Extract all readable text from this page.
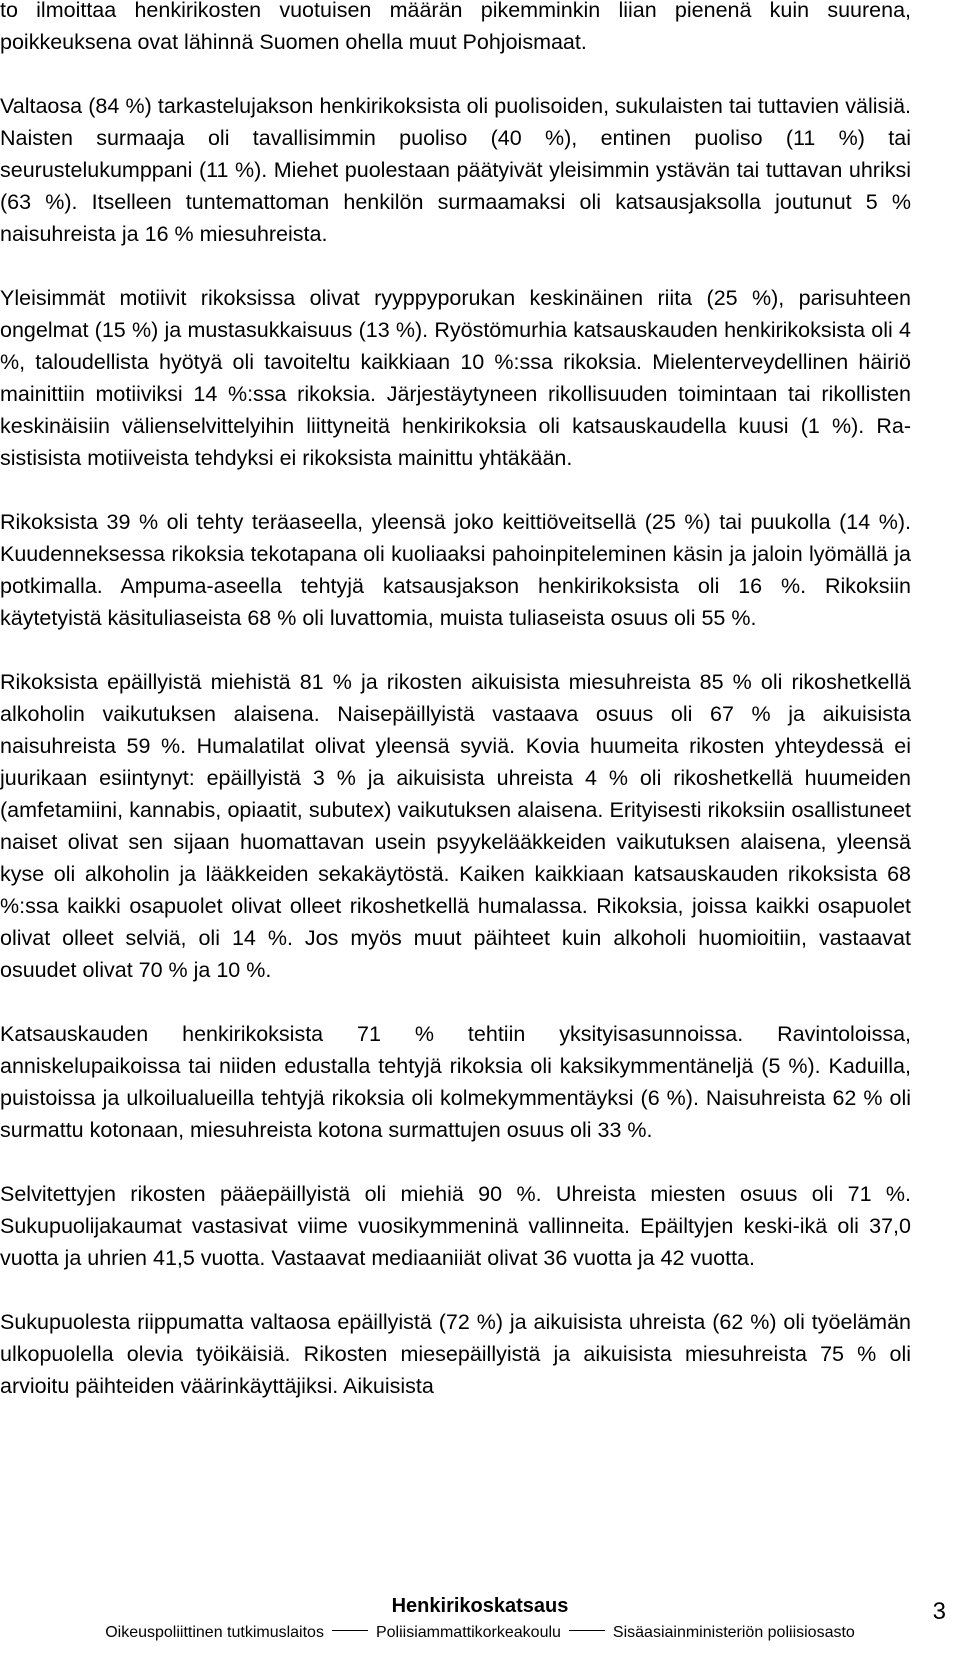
to ilmoittaa henkirikosten vuotuisen määrän pikemminkin liian pienenä kuin suurena, poikkeuksena ovat lähinnä Suomen ohella muut Pohjoismaat.

Valtaosa (84 %) tarkastelujakson henkirikoksista oli puolisoiden, sukulaisten tai tuttavien välisiä. Naisten surmaaja oli tavallisimmin puoliso (40 %), entinen puoliso (11 %) tai seurustelukumppani (11 %). Miehet puolestaan päätyivät yleisimmin ystävän tai tuttavan uhriksi (63 %). Itselleen tuntemattoman henkilön surmaamaksi oli katsausjaksolla joutunut 5 % naisuhreista ja 16 % miesuhreista.

Yleisimmät motiivit rikoksissa olivat ryyppyporukan keskinäinen riita (25 %), parisuhteen ongelmat (15 %) ja mustasukkaisuus (13 %). Ryöstömurhia katsauskauden henkirikoksista oli 4 %, taloudellista hyötyä oli tavoiteltu kaikkiaan 10 %:ssa rikoksia. Mielenterveydellinen häiriö mainittiin motiiviksi 14 %:ssa rikoksia. Järjestäytyneen rikollisuuden toimintaan tai rikollisten keskinäisiin välienselvittelyihin liittyneitä henkirikoksia oli katsauskaudella kuusi (1 %). Rasistisista motiiveista tehdyksi ei rikoksista mainittu yhtäkään.

Rikoksista 39 % oli tehty teräaseella, yleensä joko keittiöveitsellä (25 %) tai puukolla (14 %). Kuudenneksessa rikoksia tekotapana oli kuoliaaksi pahoinpiteleminen käsin ja jaloin lyömällä ja potkimalla. Ampuma-aseella tehtyjä katsausjakson henkirikoksista oli 16 %. Rikoksiin käytetyistä käsituliaseista 68 % oli luvattomia, muista tuliaseista osuus oli 55 %.

Rikoksista epäillyistä miehistä 81 % ja rikosten aikuisista miesuhreista 85 % oli rikoshetkellä alkoholin vaikutuksen alaisena. Naisepäillyistä vastaava osuus oli 67 % ja aikuisista naisuhreista 59 %. Humalatilat olivat yleensä syviä. Kovia huumeita rikosten yhteydessä ei juurikaan esiintynyt: epäillyistä 3 % ja aikuisista uhreista 4 % oli rikoshetkellä huumeiden (amfetamiini, kannabis, opiaatit, subutex) vaikutuksen alaisena. Erityisesti rikoksiin osallistuneet naiset olivat sen sijaan huomattavan usein psyykelääkkeiden vaikutuksen alaisena, yleensä kyse oli alkoholin ja lääkkeiden sekakäytöstä. Kaiken kaikkiaan katsauskauden rikoksista 68 %:ssa kaikki osapuolet olivat olleet rikoshetkellä humalassa. Rikoksia, joissa kaikki osapuolet olivat olleet selviä, oli 14 %. Jos myös muut päihteet kuin alkoholi huomioitiin, vastaavat osuudet olivat 70 % ja 10 %.

Katsauskauden henkirikoksista 71 % tehtiin yksityisasunnoissa. Ravintoloissa, anniskelupaikoissa tai niiden edustalla tehtyjä rikoksia oli kaksikymmentäneljä (5 %). Kaduilla, puistoissa ja ulkoilualueilla tehtyjä rikoksia oli kolmekymmentäyksi (6 %). Naisuhreista 62 % oli surmattu kotonaan, miesuhreista kotona surmattujen osuus oli 33 %.

Selvitettyjen rikosten pääepäillyistä oli miehiä 90 %. Uhreista miesten osuus oli 71 %. Sukupuolijakaumat vastasivat viime vuosikymmeninä vallinneita. Epäiltyjen keski-ikä oli 37,0 vuotta ja uhrien 41,5 vuotta. Vastaavat mediaaniiät olivat 36 vuotta ja 42 vuotta.

Sukupuolesta riippumatta valtaosa epäillyistä (72 %) ja aikuisista uhreista (62 %) oli työelämän ulkopuolella olevia työikäisiä. Rikosten miesepäillyistä ja aikuisista miesuhreista 75 % oli arvioitu päihteiden väärinkäyttäjiksi. Aikuisista

Henkirikoskatsaus
Oikeuspoliittinen tutkimuslaitos	Poliisiammattikorkeakoulu	Sisäasiainministeriön poliisiosasto
3
